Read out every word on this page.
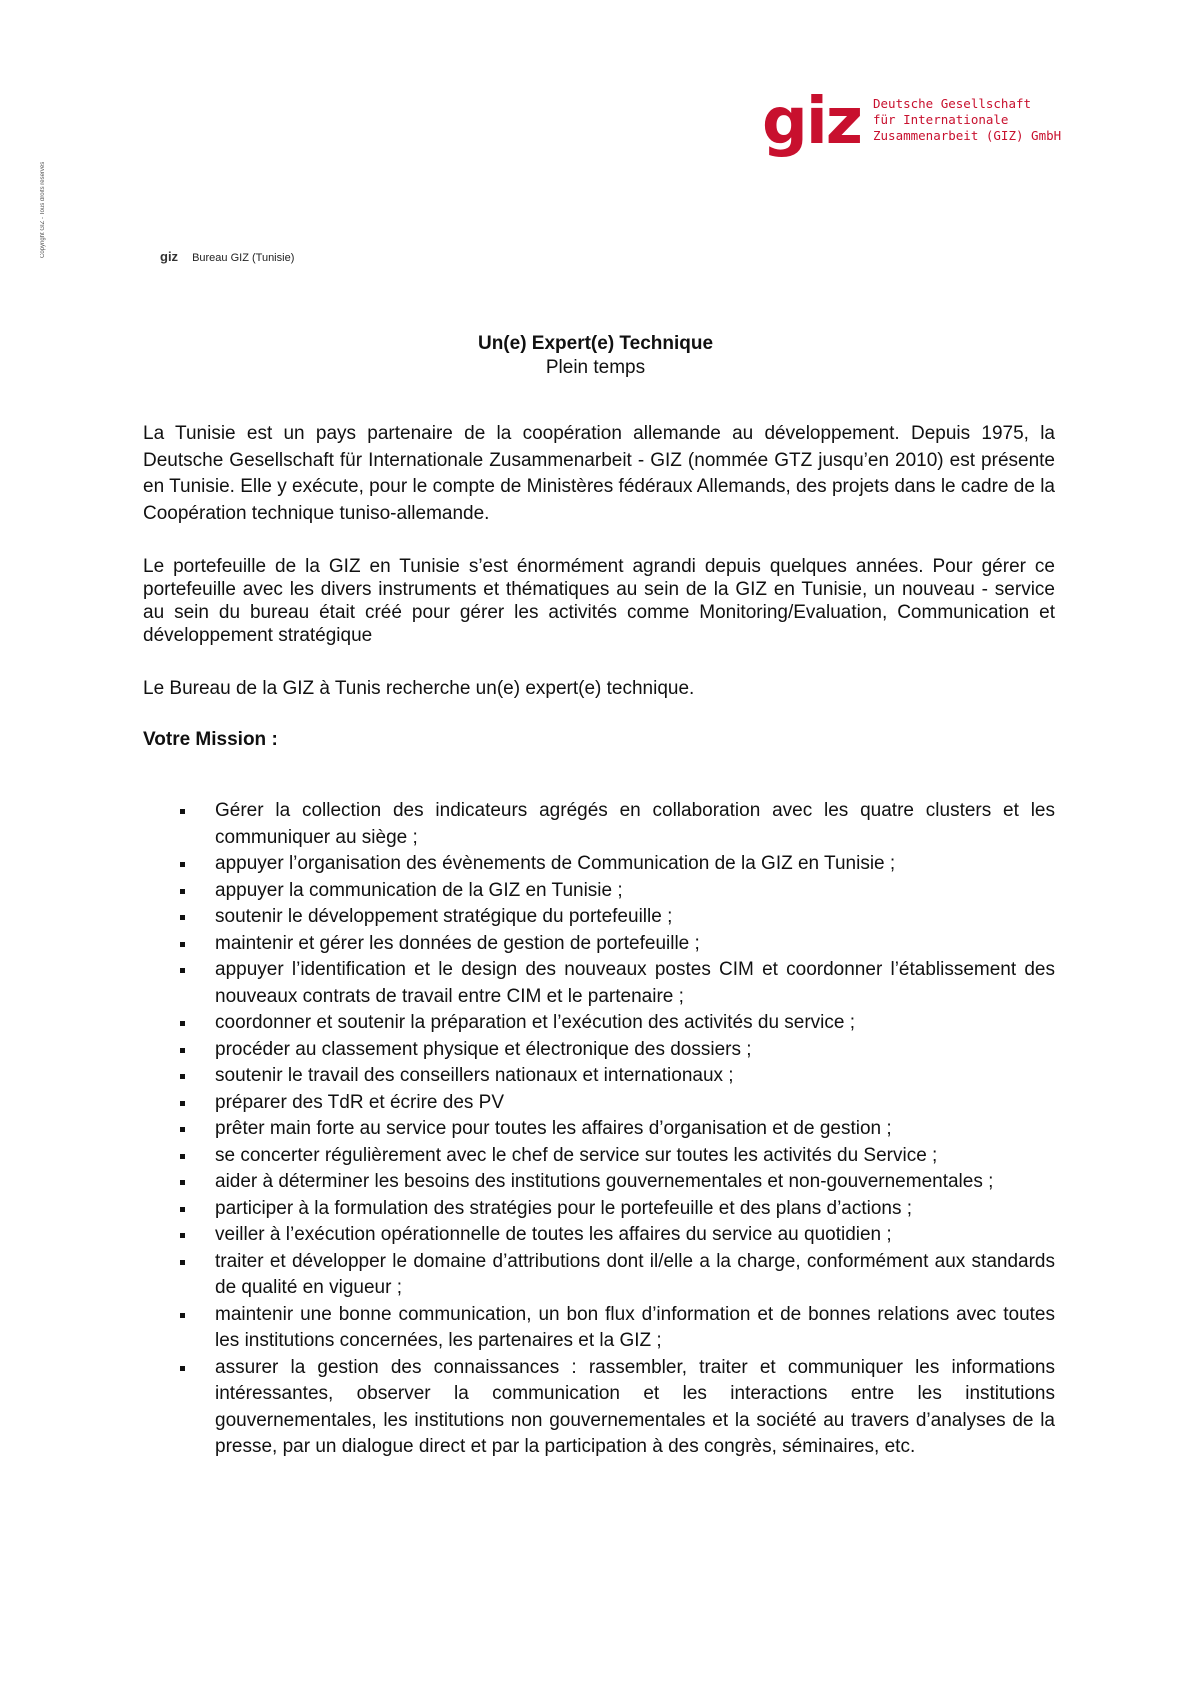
Copyright GIZ - Tous droits réservés
giz Deutsche Gesellschaft
für Internationale
Zusammenarbeit (GIZ) GmbH
giz Bureau GIZ (Tunisie)
Un(e) Expert(e) Technique
Plein temps

La Tunisie est un pays partenaire de la coopération allemande au développement. Depuis 1975, la Deutsche Gesellschaft für Internationale Zusammenarbeit - GIZ (nommée GTZ jusqu’en 2010) est présente en Tunisie. Elle y exécute, pour le compte de Ministères fédéraux Allemands, des projets dans le cadre de la Coopération technique tuniso-allemande.

Le portefeuille de la GIZ en Tunisie s’est énormément agrandi depuis quelques années. Pour gérer ce portefeuille avec les divers instruments et thématiques au sein de la GIZ en Tunisie, un nouveau - service au sein du bureau était créé pour gérer les activités comme Monitoring/Evaluation, Communication et développement stratégique

Le Bureau de la GIZ à Tunis recherche un(e) expert(e) technique.

Votre Mission :

Gérer la collection des indicateurs agrégés en collaboration avec les quatre clusters et les communiquer au siège ;
appuyer l’organisation des évènements de Communication de la GIZ en Tunisie ;
appuyer la communication de la GIZ en Tunisie ;
soutenir le développement stratégique du portefeuille ;
maintenir et gérer les données de gestion de portefeuille ;
appuyer l’identification et le design des nouveaux postes CIM et coordonner l’établissement des nouveaux contrats de travail entre CIM et le partenaire ;
coordonner et soutenir la préparation et l’exécution des activités du service ;
procéder au classement physique et électronique des dossiers ;
soutenir le travail des conseillers nationaux et internationaux ;
préparer des TdR et écrire des PV
prêter main forte au service pour toutes les affaires d’organisation et de gestion ;
se concerter régulièrement avec le chef de service sur toutes les activités du Service ;
aider à déterminer les besoins des institutions gouvernementales et non-gouvernementales ;
participer à la formulation des stratégies pour le portefeuille et des plans d’actions ;
veiller à l’exécution opérationnelle de toutes les affaires du service au quotidien ;
traiter et développer le domaine d’attributions dont il/elle a la charge, conformément aux standards de qualité en vigueur ;
maintenir une bonne communication, un bon flux d’information et de bonnes relations avec toutes les institutions concernées, les partenaires et la GIZ ;
assurer la gestion des connaissances : rassembler, traiter et communiquer les informations intéressantes, observer la communication et les interactions entre les institutions gouvernementales, les institutions non gouvernementales et la société au travers d’analyses de la presse, par un dialogue direct et par la participation à des congrès, séminaires, etc.
